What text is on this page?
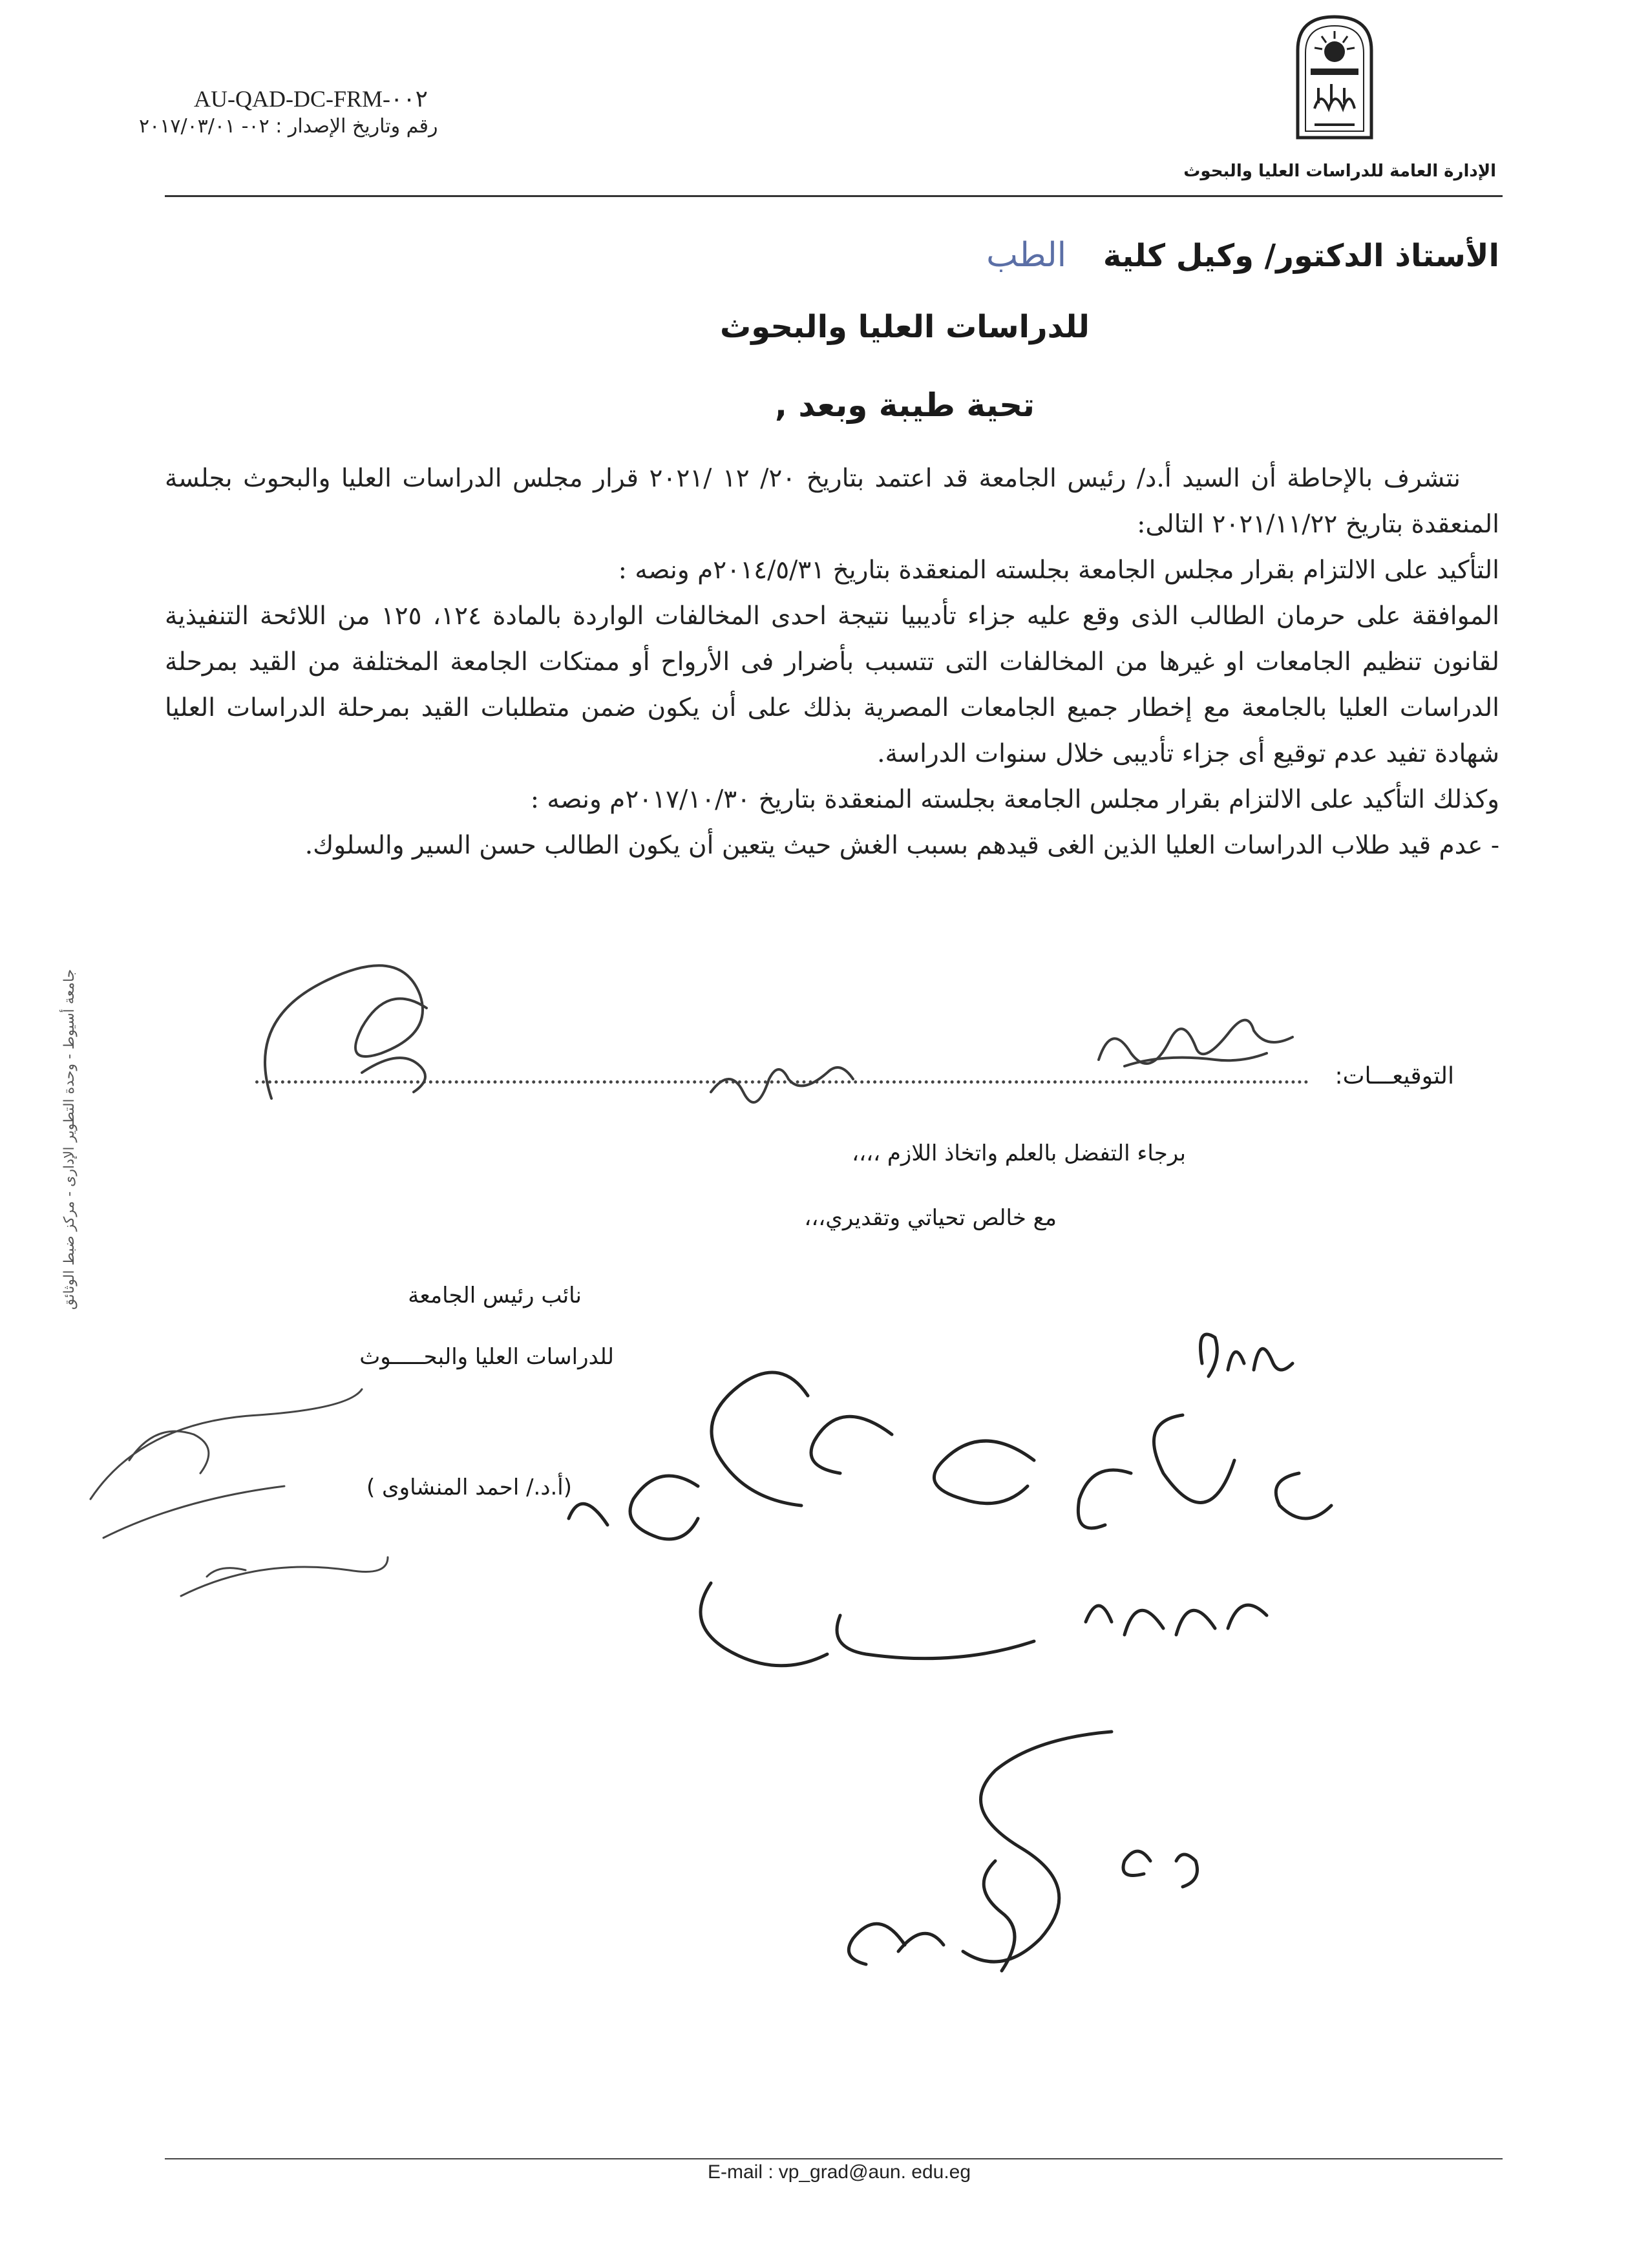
AU-QAD-DC-FRM-٠٠٢
رقم وتاريخ الإصدار : ٠٢- ٢٠١٧/٠٣/٠١
الإدارة العامة للدراسات العليا والبحوث
الأستاذ الدكتور/ وكيل كلية الطب
للدراسات العليا والبحوث
تحية طيبة وبعد ,

نتشرف بالإحاطة أن السيد أ.د/ رئيس الجامعة قد اعتمد بتاريخ ٢٠/ ١٢ /٢٠٢١ قرار مجلس الدراسات العليا والبحوث بجلسة المنعقدة بتاريخ ٢٠٢١/١١/٢٢ التالى:

التأكيد على الالتزام بقرار مجلس الجامعة بجلسته المنعقدة بتاريخ ٢٠١٤/٥/٣١م ونصه :

الموافقة على حرمان الطالب الذى وقع عليه جزاء تأديبيا نتيجة احدى المخالفات الواردة بالمادة ١٢٤، ١٢٥ من اللائحة التنفيذية لقانون تنظيم الجامعات او غيرها من المخالفات التى تتسبب بأضرار فى الأرواح أو ممتكات الجامعة المختلفة من القيد بمرحلة الدراسات العليا بالجامعة مع إخطار جميع الجامعات المصرية بذلك على أن يكون ضمن متطلبات القيد بمرحلة الدراسات العليا شهادة تفيد عدم توقيع أى جزاء تأديبى خلال سنوات الدراسة.

وكذلك التأكيد على الالتزام بقرار مجلس الجامعة بجلسته المنعقدة بتاريخ ٢٠١٧/١٠/٣٠م ونصه :

- عدم قيد طلاب الدراسات العليا الذين الغى قيدهم بسبب الغش حيث يتعين أن يكون الطالب حسن السير والسلوك.

التوقيعـــات:
برجاء التفضل بالعلم واتخاذ اللازم ،،،،
مع خالص تحياتي وتقديري،،،
نائب رئيس الجامعة
للدراسات العليا والبحـــــوث
(أ.د./ احمد المنشاوى )
جامعة أسيوط - وحدة التطوير الإدارى - مركز ضبط الوثائق
E-mail : vp_grad@aun. edu.eg
